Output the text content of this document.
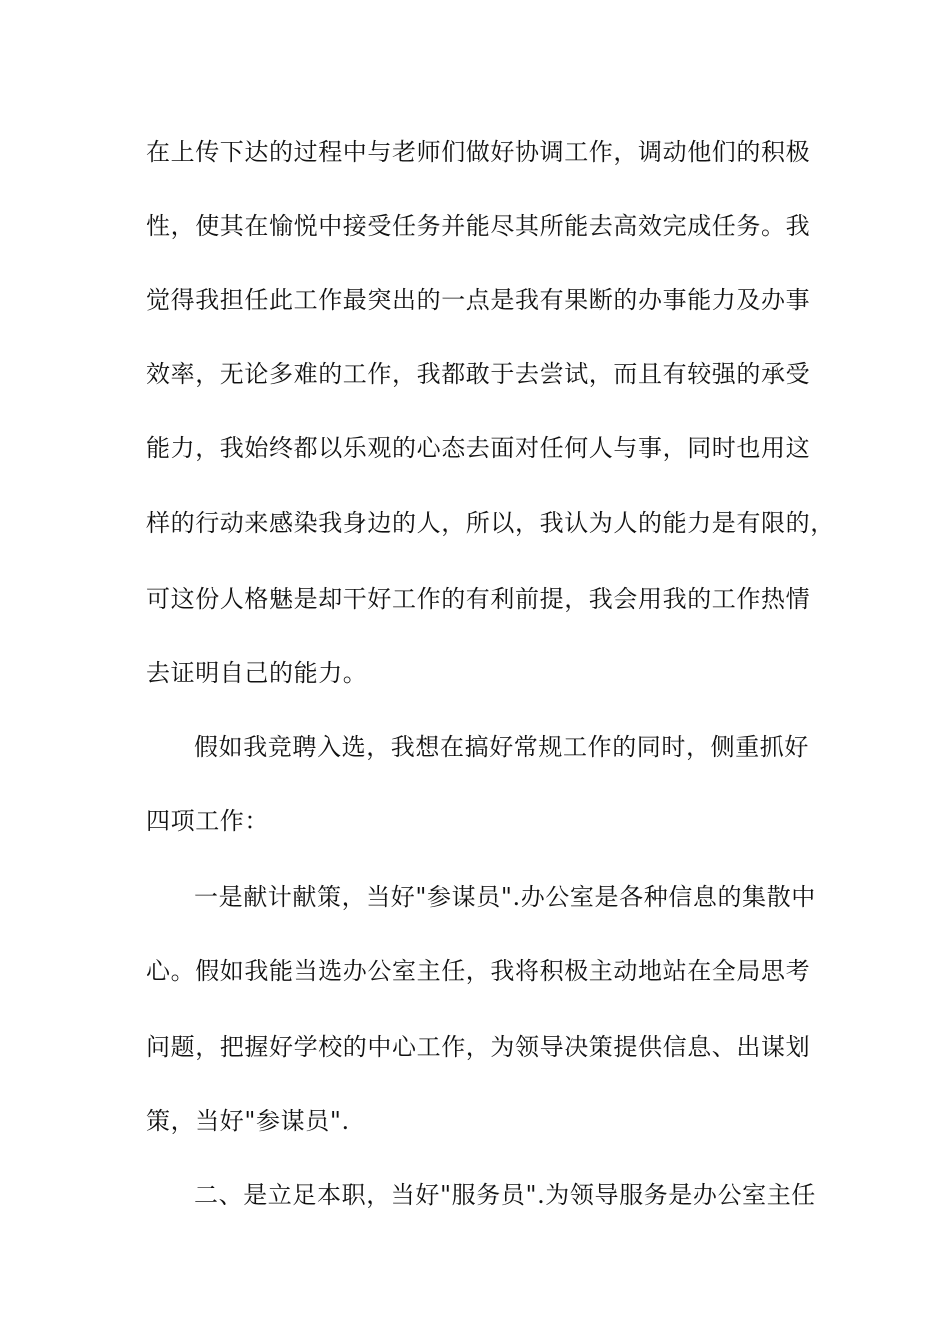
在上传下达的过程中与老师们做好协调工作，调动他们的积极
性，使其在愉悦中接受任务并能尽其所能去高效完成任务。我
觉得我担任此工作最突出的一点是我有果断的办事能力及办事
效率，无论多难的工作，我都敢于去尝试，而且有较强的承受
能力，我始终都以乐观的心态去面对任何人与事，同时也用这
样的行动来感染我身边的人，所以，我认为人的能力是有限的，
可这份人格魅是却干好工作的有利前提，我会用我的工作热情
去证明自己的能力。
假如我竞聘入选，我想在搞好常规工作的同时，侧重抓好
四项工作：
一是献计献策，当好"参谋员".办公室是各种信息的集散中
心。假如我能当选办公室主任，我将积极主动地站在全局思考
问题，把握好学校的中心工作，为领导决策提供信息、出谋划
策，当好"参谋员".
二、是立足本职，当好"服务员".为领导服务是办公室主任
